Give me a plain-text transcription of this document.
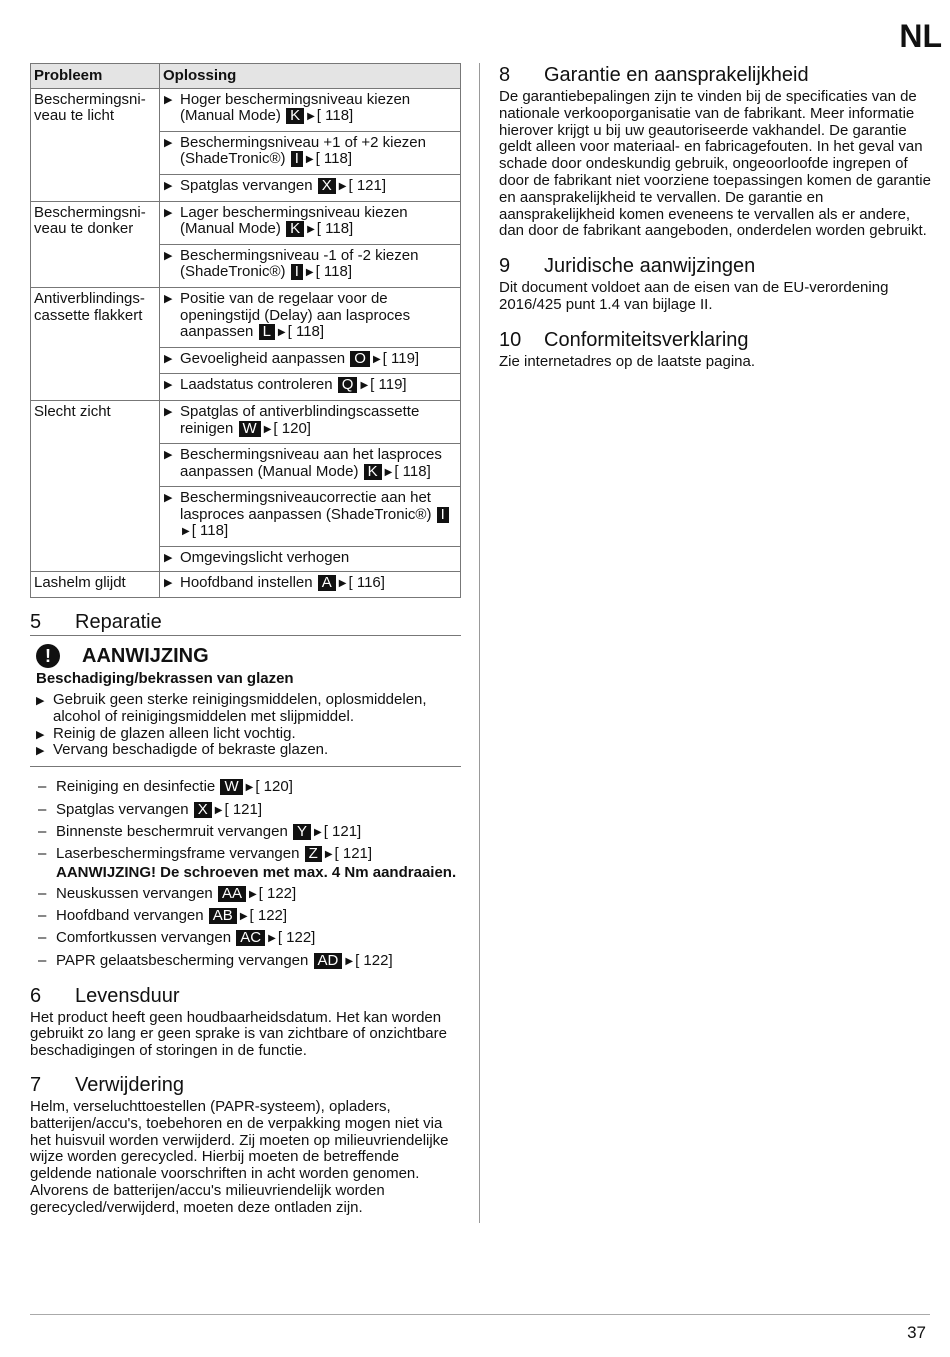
NL
Probleem	Oplossing
Beschermingsni-veau te licht	▶ Hoger beschermingsniveau kiezen (Manual Mode) K ▶ [ 118]

	▶ Beschermingsniveau +1 of +2 kiezen (ShadeTronic®) I ▶ [ 118]

	▶ Spatglas vervangen X ▶ [ 121]

Beschermingsni-veau te donker	▶ Lager beschermingsniveau kiezen (Manual Mode) K ▶ [ 118]

	▶ Beschermingsniveau -1 of -2 kiezen (ShadeTronic®) I ▶ [ 118]

Antiverblindings-cassette flakkert	▶ Positie van de regelaar voor de openingstijd (Delay) aan lasproces aanpassen L ▶ [ 118]

	▶ Gevoeligheid aanpassen O ▶ [ 119]

	▶ Laadstatus controleren Q ▶ [ 119]

Slecht zicht	▶ Spatglas of antiverblindingscassette reinigen W ▶ [ 120]

	▶ Beschermingsniveau aan het lasproces aanpassen (Manual Mode) K ▶ [ 118]

	▶ Beschermingsniveaucorrectie aan het lasproces aanpassen (ShadeTronic®) I▶ [ 118]

	▶ Omgevingslicht verhogen

Lashelm glijdt	▶ Hoofdband instellen A ▶ [ 116]
5 Reparatie
!	AANWIJZING
Beschadiging/bekrassen van glazen
▶ Gebruik geen sterke reinigingsmiddelen, oplosmiddelen, alcohol of reinigingsmiddelen met slijpmiddel.
▶ Reinig de glazen alleen licht vochtig.
▶ Vervang beschadigde of bekraste glazen.
– Reiniging en desinfectie W ▶ [ 120]
– Spatglas vervangen X ▶ [ 121]
– Binnenste beschermruit vervangen Y ▶ [ 121]
– Laserbeschermingsframe vervangen Z ▶ [ 121]
AANWIJZING! De schroeven met max. 4 Nm aandraaien.
– Neuskussen vervangen AA ▶ [ 122]
– Hoofdband vervangen AB ▶ [ 122]
– Comfortkussen vervangen AC ▶ [ 122]
– PAPR gelaatsbescherming vervangen AD ▶ [ 122]
6 Levensduur

Het product heeft geen houdbaarheidsdatum. Het kan worden gebruikt zo lang er geen sprake is van zichtbare of onzichtbare beschadigingen of storingen in de functie.

7 Verwijdering

Helm, verseluchttoestellen (PAPR-systeem), opladers, batterijen/accu's, toebehoren en de verpakking mogen niet via het huisvuil worden verwijderd. Zij moeten op milieuvriendelijke wijze worden gerecycled. Hierbij moeten de betreffende geldende nationale voorschriften in acht worden genomen. Alvorens de batterijen/accu's milieuvriendelijk worden gerecycled/verwijderd, moeten deze ontladen zijn.

8 Garantie en aansprakelijkheid

De garantiebepalingen zijn te vinden bij de specificaties van de nationale verkooporganisatie van de fabrikant. Meer informatie hierover krijgt u bij uw geautoriseerde vakhandel. De garantie geldt alleen voor materiaal- en fabricagefouten. In het geval van schade door ondeskundig gebruik, ongeoorloofde ingrepen of door de fabrikant niet voorziene toepassingen komen de garantie en aansprakelijkheid te vervallen. De garantie en aansprakelijkheid komen eveneens te vervallen als er andere, dan door de fabrikant aangeboden, onderdelen worden gebruikt.

9 Juridische aanwijzingen

Dit document voldoet aan de eisen van de EU-verordening 2016/425 punt 1.4 van bijlage II.

10 Conformiteitsverklaring

Zie internetadres op de laatste pagina.

37
